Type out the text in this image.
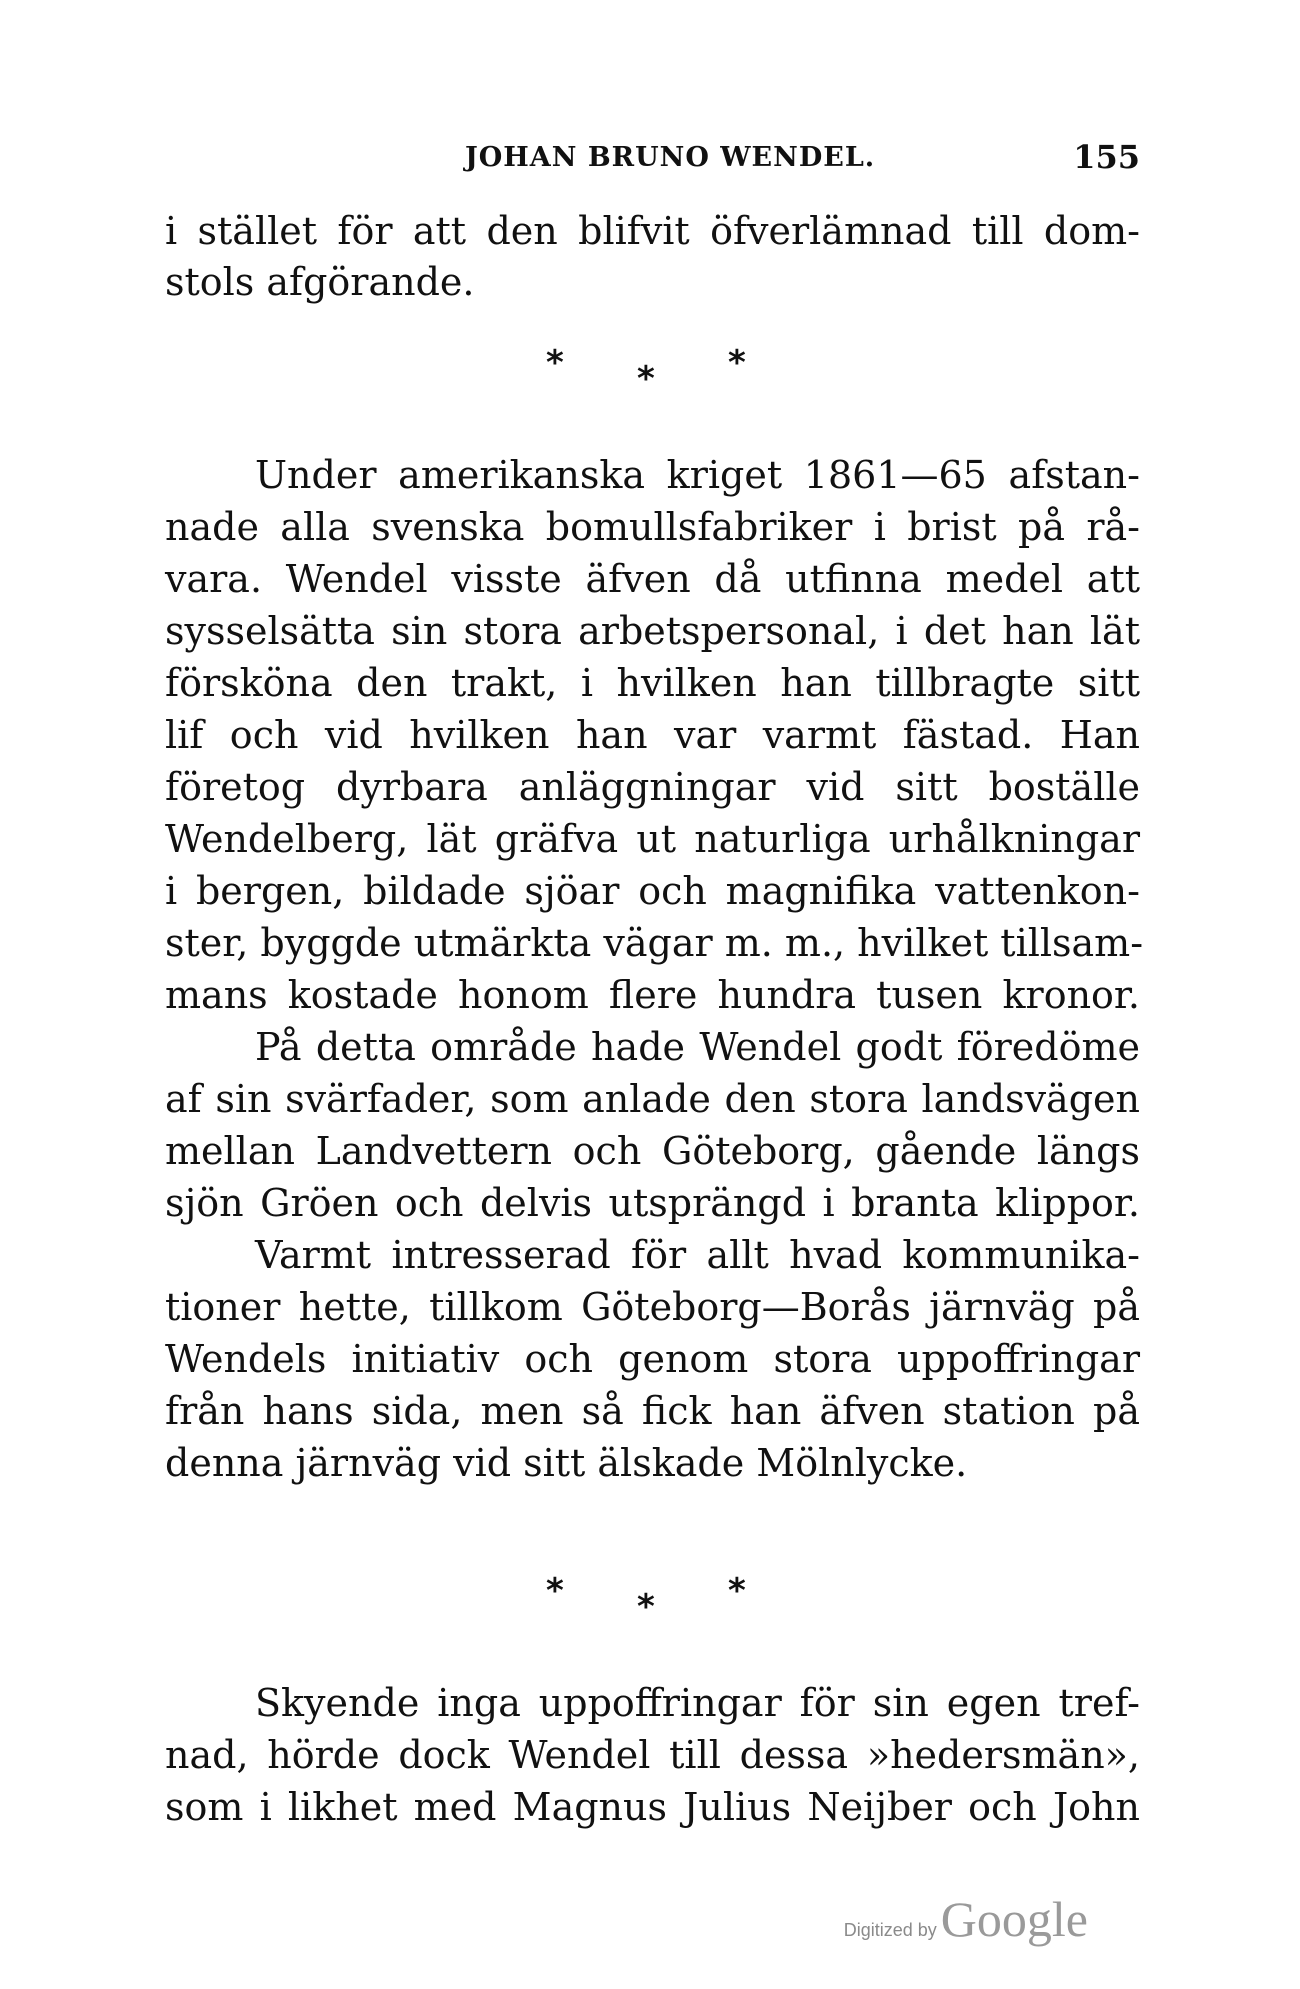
JOHAN BRUNO WENDEL.	155
i stället för att den blifvit öfverlämnad till dom-
stols afgörande.
* * *
Under amerikanska kriget 1861—65 afstan-
nade alla svenska bomullsfabriker i brist på rå-
vara. Wendel visste äfven då utfinna medel att
sysselsätta sin stora arbetspersonal, i det han lät
försköna den trakt, i hvilken han tillbragte sitt
lif och vid hvilken han var varmt fästad. Han
företog dyrbara anläggningar vid sitt boställe
Wendelberg, lät gräfva ut naturliga urhålkningar
i bergen, bildade sjöar och magnifika vattenkon-
ster, byggde utmärkta vägar m. m., hvilket tillsam-
mans kostade honom flere hundra tusen kronor.
På detta område hade Wendel godt föredöme
af sin svärfader, som anlade den stora landsvägen
mellan Landvettern och Göteborg, gående längs
sjön Gröen och delvis utsprängd i branta klippor.
Varmt intresserad för allt hvad kommunika-
tioner hette, tillkom Göteborg—Borås järnväg på
Wendels initiativ och genom stora uppoffringar
från hans sida, men så fick han äfven station på
denna järnväg vid sitt älskade Mölnlycke.
* * *
Skyende inga uppoffringar för sin egen tref-
nad, hörde dock Wendel till dessa »hedersmän»,
som i likhet med Magnus Julius Neijber och John
Digitized byGoogle
